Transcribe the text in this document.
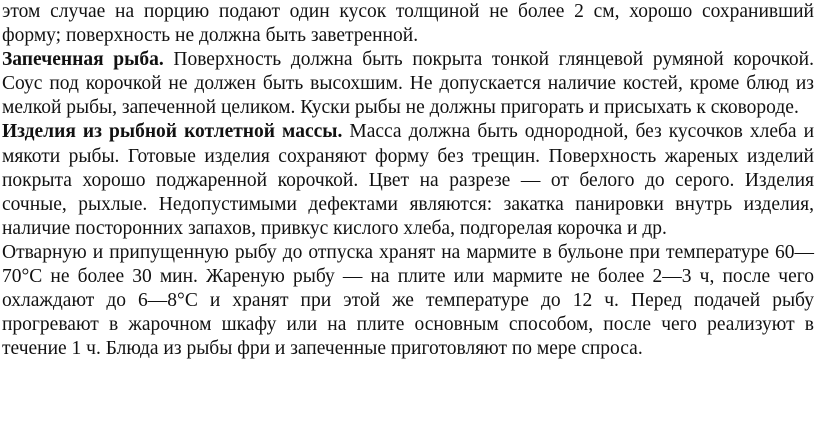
этом случае на порцию подают один кусок толщиной не более 2 см, хорошо сохранивший форму; поверхность не должна быть заветренной.

Запеченная рыба. Поверхность должна быть покрыта тонкой глянцевой румяной корочкой. Соус под корочкой не должен быть высохшим. Не допускается наличие костей, кроме блюд из мелкой рыбы, запеченной целиком. Куски рыбы не должны пригорать и присыхать к сковороде.

Изделия из рыбной котлетной массы. Масса должна быть однородной, без кусочков хлеба и мякоти рыбы. Готовые изделия сохраняют форму без трещин. Поверхность жареных изделий покрыта хорошо поджаренной корочкой. Цвет на разрезе — от белого до серого. Изделия сочные, рыхлые. Недопустимыми дефектами являются: закатка панировки внутрь изделия, наличие посторонних запахов, привкус кислого хлеба, подгорелая корочка и др.

Отварную и припущенную рыбу до отпуска хранят на мармите в бульоне при температуре 60—70°С не более 30 мин. Жареную рыбу — на плите или мармите не более 2—3 ч, после чего охлаждают до 6—8°С и хранят при этой же температуре до 12 ч. Перед подачей рыбу прогревают в жарочном шкафу или на плите основным способом, после чего реализуют в течение 1 ч. Блюда из рыбы фри и запеченные приготовляют по мере спроса.
